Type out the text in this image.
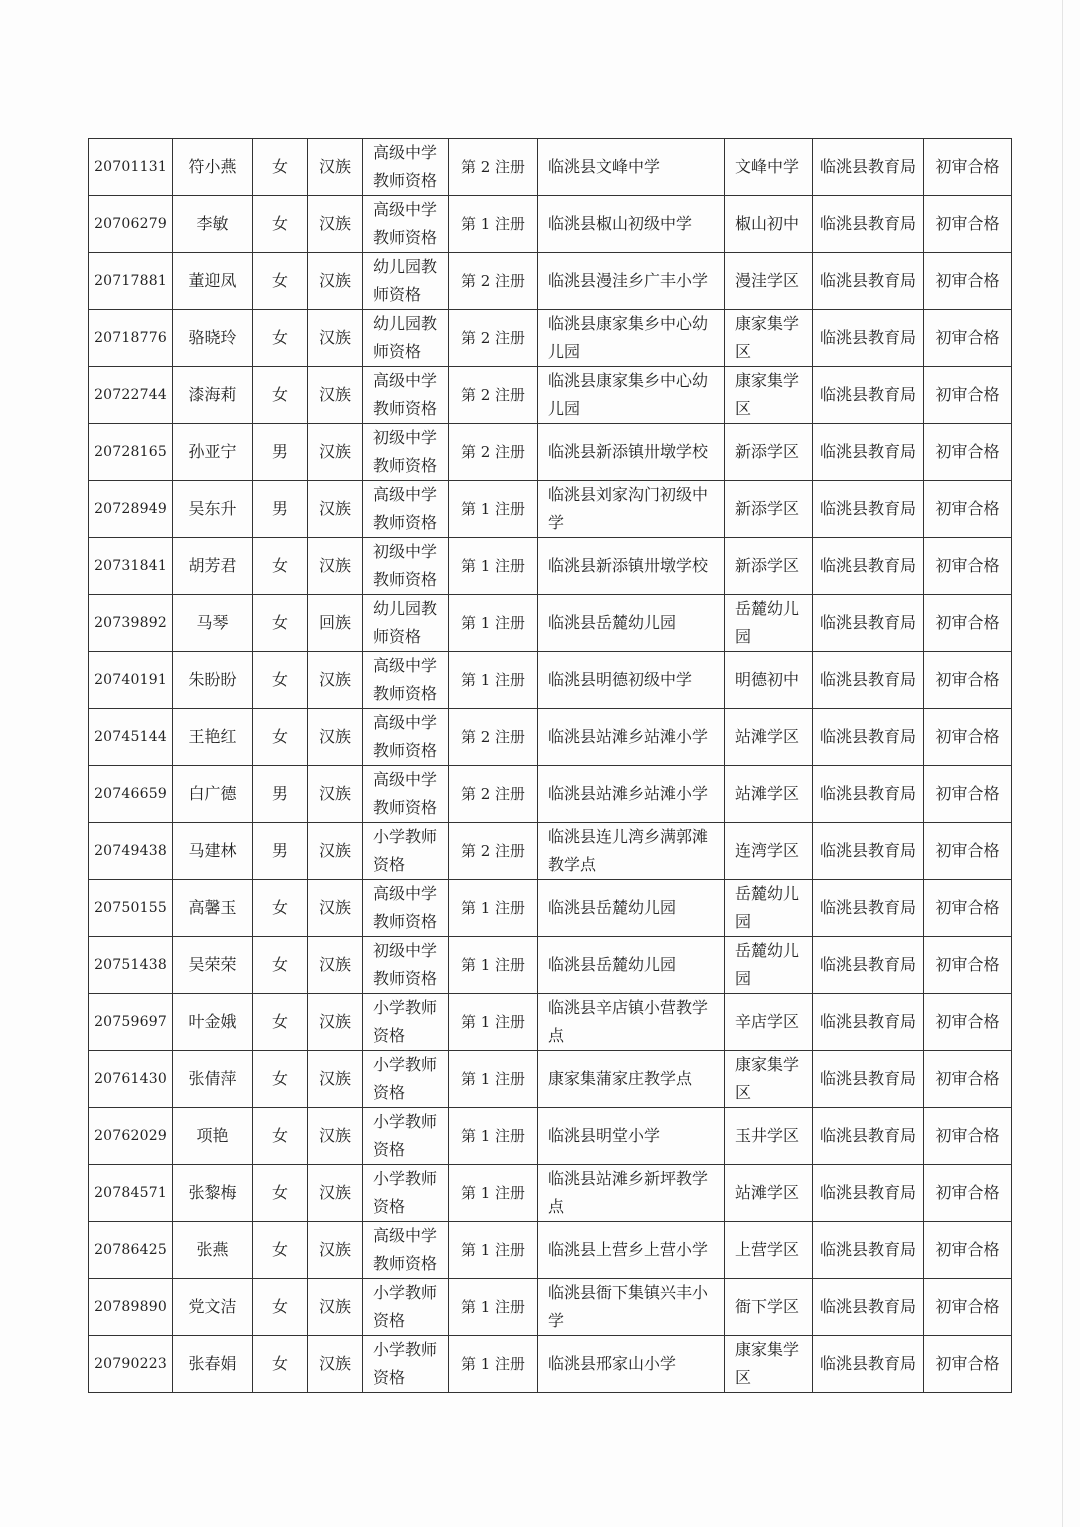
20701131	符小燕	女	汉族	高级中学教师资格	第 2 注册	临洮县文峰中学	文峰中学	临洮县教育局	初审合格
20706279	李敏	女	汉族	高级中学教师资格	第 1 注册	临洮县椒山初级中学	椒山初中	临洮县教育局	初审合格
20717881	董迎凤	女	汉族	幼儿园教师资格	第 2 注册	临洮县漫洼乡广丰小学	漫洼学区	临洮县教育局	初审合格
20718776	骆晓玲	女	汉族	幼儿园教师资格	第 2 注册	临洮县康家集乡中心幼儿园	康家集学区	临洮县教育局	初审合格
20722744	漆海莉	女	汉族	高级中学教师资格	第 2 注册	临洮县康家集乡中心幼儿园	康家集学区	临洮县教育局	初审合格
20728165	孙亚宁	男	汉族	初级中学教师资格	第 2 注册	临洮县新添镇卅墩学校	新添学区	临洮县教育局	初审合格
20728949	吴东升	男	汉族	高级中学教师资格	第 1 注册	临洮县刘家沟门初级中学	新添学区	临洮县教育局	初审合格
20731841	胡芳君	女	汉族	初级中学教师资格	第 1 注册	临洮县新添镇卅墩学校	新添学区	临洮县教育局	初审合格
20739892	马琴	女	回族	幼儿园教师资格	第 1 注册	临洮县岳麓幼儿园	岳麓幼儿园	临洮县教育局	初审合格
20740191	朱盼盼	女	汉族	高级中学教师资格	第 1 注册	临洮县明德初级中学	明德初中	临洮县教育局	初审合格
20745144	王艳红	女	汉族	高级中学教师资格	第 2 注册	临洮县站滩乡站滩小学	站滩学区	临洮县教育局	初审合格
20746659	白广德	男	汉族	高级中学教师资格	第 2 注册	临洮县站滩乡站滩小学	站滩学区	临洮县教育局	初审合格
20749438	马建林	男	汉族	小学教师资格	第 2 注册	临洮县连儿湾乡满郭滩教学点	连湾学区	临洮县教育局	初审合格
20750155	高馨玉	女	汉族	高级中学教师资格	第 1 注册	临洮县岳麓幼儿园	岳麓幼儿园	临洮县教育局	初审合格
20751438	吴荣荣	女	汉族	初级中学教师资格	第 1 注册	临洮县岳麓幼儿园	岳麓幼儿园	临洮县教育局	初审合格
20759697	叶金娥	女	汉族	小学教师资格	第 1 注册	临洮县辛店镇小营教学点	辛店学区	临洮县教育局	初审合格
20761430	张倩萍	女	汉族	小学教师资格	第 1 注册	康家集蒲家庄教学点	康家集学区	临洮县教育局	初审合格
20762029	项艳	女	汉族	小学教师资格	第 1 注册	临洮县明堂小学	玉井学区	临洮县教育局	初审合格
20784571	张黎梅	女	汉族	小学教师资格	第 1 注册	临洮县站滩乡新坪教学点	站滩学区	临洮县教育局	初审合格
20786425	张燕	女	汉族	高级中学教师资格	第 1 注册	临洮县上营乡上营小学	上营学区	临洮县教育局	初审合格
20789890	党文洁	女	汉族	小学教师资格	第 1 注册	临洮县衙下集镇兴丰小学	衙下学区	临洮县教育局	初审合格
20790223	张春娟	女	汉族	小学教师资格	第 1 注册	临洮县邢家山小学	康家集学区	临洮县教育局	初审合格
